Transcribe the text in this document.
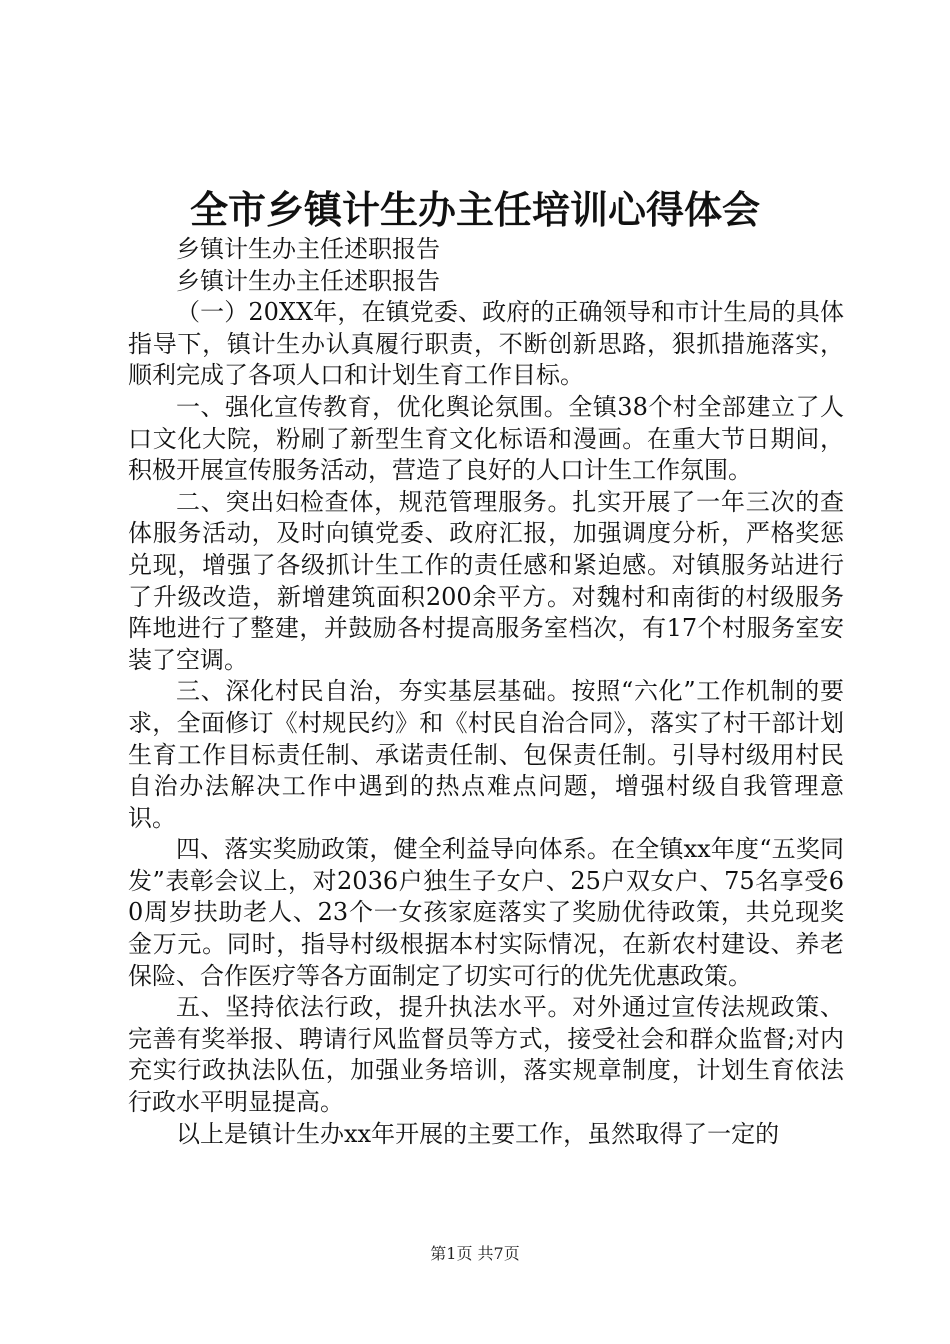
全市乡镇计生办主任培训心得体会

乡镇计生办主任述职报告

乡镇计生办主任述职报告

（一）20XX年，在镇党委、政府的正确领导和市计生局的具体指导下，镇计生办认真履行职责，不断创新思路，狠抓措施落实，顺利完成了各项人口和计划生育工作目标。

一、强化宣传教育，优化舆论氛围。全镇38个村全部建立了人口文化大院，粉刷了新型生育文化标语和漫画。在重大节日期间，积极开展宣传服务活动，营造了良好的人口计生工作氛围。

二、突出妇检查体，规范管理服务。扎实开展了一年三次的查体服务活动，及时向镇党委、政府汇报，加强调度分析，严格奖惩兑现，增强了各级抓计生工作的责任感和紧迫感。对镇服务站进行了升级改造，新增建筑面积200余平方。对魏村和南街的村级服务阵地进行了整建，并鼓励各村提高服务室档次，有17个村服务室安装了空调。

三、深化村民自治，夯实基层基础。按照“六化”工作机制的要求，全面修订《村规民约》和《村民自治合同》，落实了村干部计划生育工作目标责任制、承诺责任制、包保责任制。引导村级用村民自治办法解决工作中遇到的热点难点问题，增强村级自我管理意识。

四、落实奖励政策，健全利益导向体系。在全镇xx年度“五奖同发”表彰会议上，对2036户独生子女户、25户双女户、75名享受60周岁扶助老人、23个一女孩家庭落实了奖励优待政策，共兑现奖金万元。同时，指导村级根据本村实际情况，在新农村建设、养老保险、合作医疗等各方面制定了切实可行的优先优惠政策。

五、坚持依法行政，提升执法水平。对外通过宣传法规政策、完善有奖举报、聘请行风监督员等方式，接受社会和群众监督;对内充实行政执法队伍，加强业务培训，落实规章制度，计划生育依法行政水平明显提高。

以上是镇计生办xx年开展的主要工作，虽然取得了一定的

第1页 共7页
